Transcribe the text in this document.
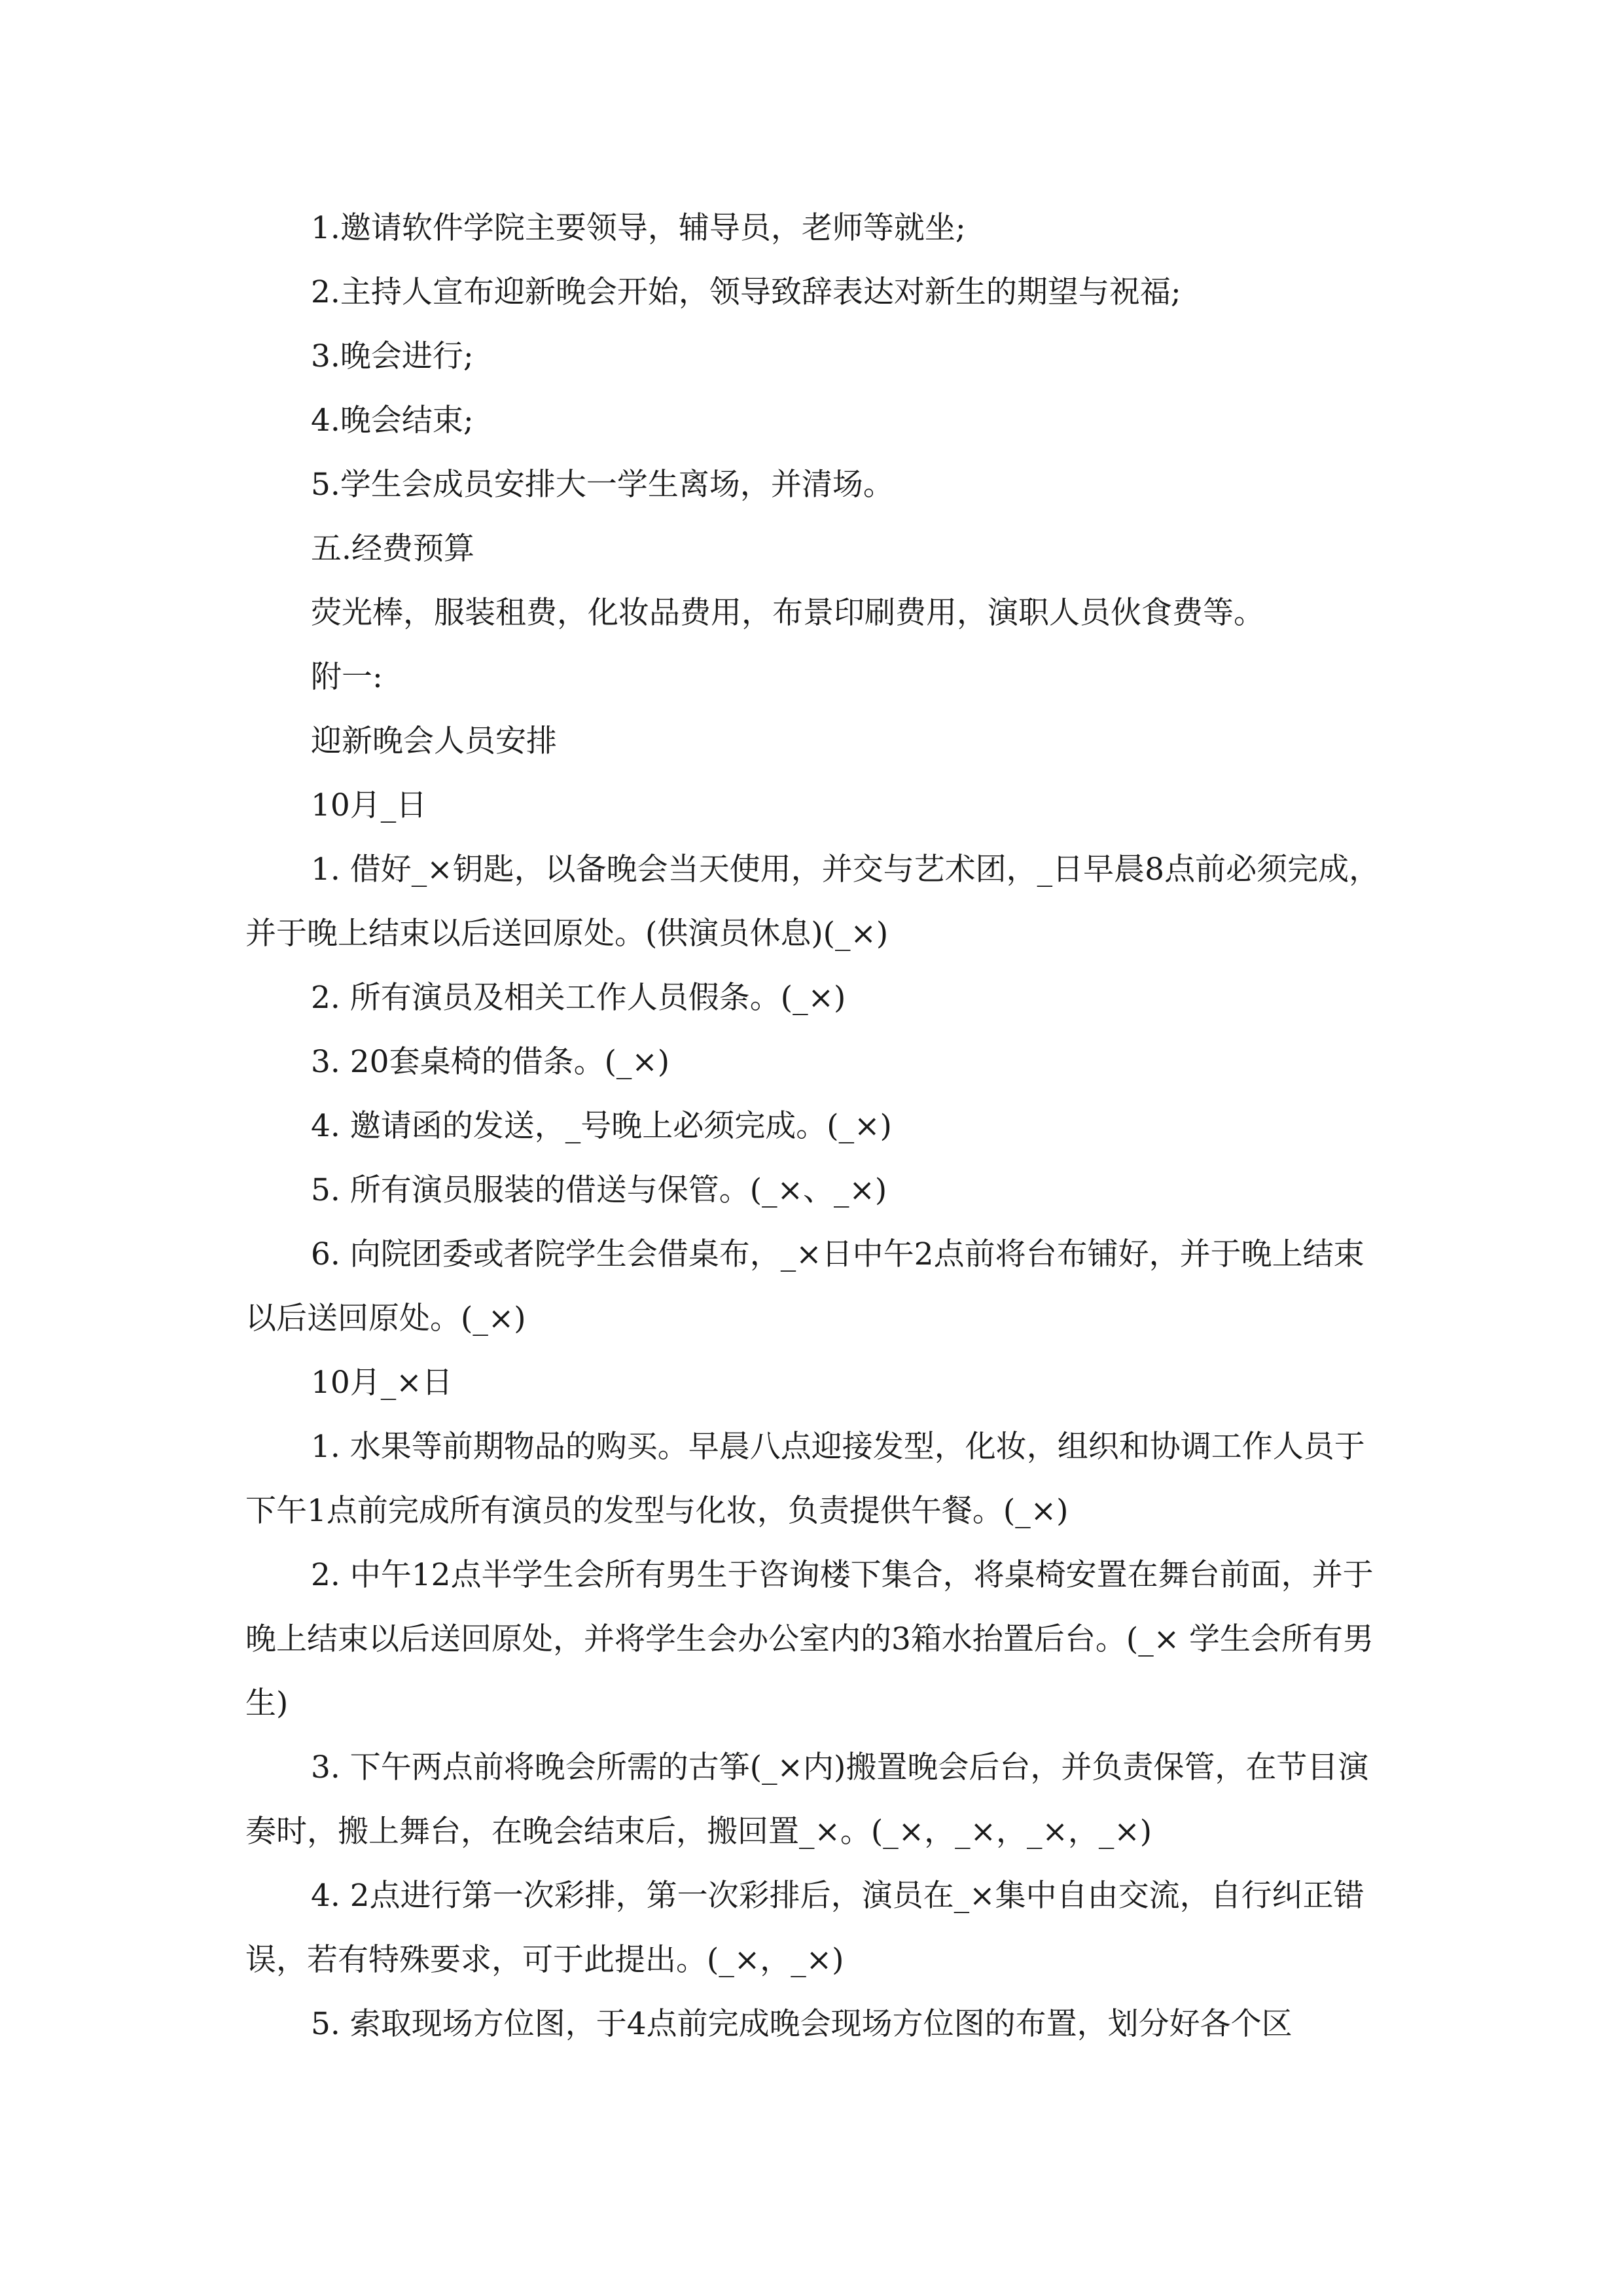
1.邀请软件学院主要领导，辅导员，老师等就坐;

2.主持人宣布迎新晚会开始，领导致辞表达对新生的期望与祝福;

3.晚会进行;

4.晚会结束;

5.学生会成员安排大一学生离场，并清场。

五.经费预算

荧光棒，服装租费，化妆品费用，布景印刷费用，演职人员伙食费等。

附一:

迎新晚会人员安排

10月_日

1. 借好_×钥匙，以备晚会当天使用，并交与艺术团，_日早晨8点前必须完成，并于晚上结束以后送回原处。(供演员休息)(_×)

2. 所有演员及相关工作人员假条。(_×)

3. 20套桌椅的借条。(_×)

4. 邀请函的发送，_号晚上必须完成。(_×)

5. 所有演员服装的借送与保管。(_×、_×)

6. 向院团委或者院学生会借桌布，_×日中午2点前将台布铺好，并于晚上结束以后送回原处。(_×)

10月_×日

1. 水果等前期物品的购买。早晨八点迎接发型，化妆，组织和协调工作人员于下午1点前完成所有演员的发型与化妆，负责提供午餐。(_×)

2. 中午12点半学生会所有男生于咨询楼下集合，将桌椅安置在舞台前面，并于晚上结束以后送回原处，并将学生会办公室内的3箱水抬置后台。(_× 学生会所有男生)

3. 下午两点前将晚会所需的古筝(_×内)搬置晚会后台，并负责保管，在节目演奏时，搬上舞台，在晚会结束后，搬回置_×。(_×，_×，_×，_×)

4. 2点进行第一次彩排，第一次彩排后，演员在_×集中自由交流，自行纠正错误，若有特殊要求，可于此提出。(_×，_×)

5. 索取现场方位图，于4点前完成晚会现场方位图的布置，划分好各个区
